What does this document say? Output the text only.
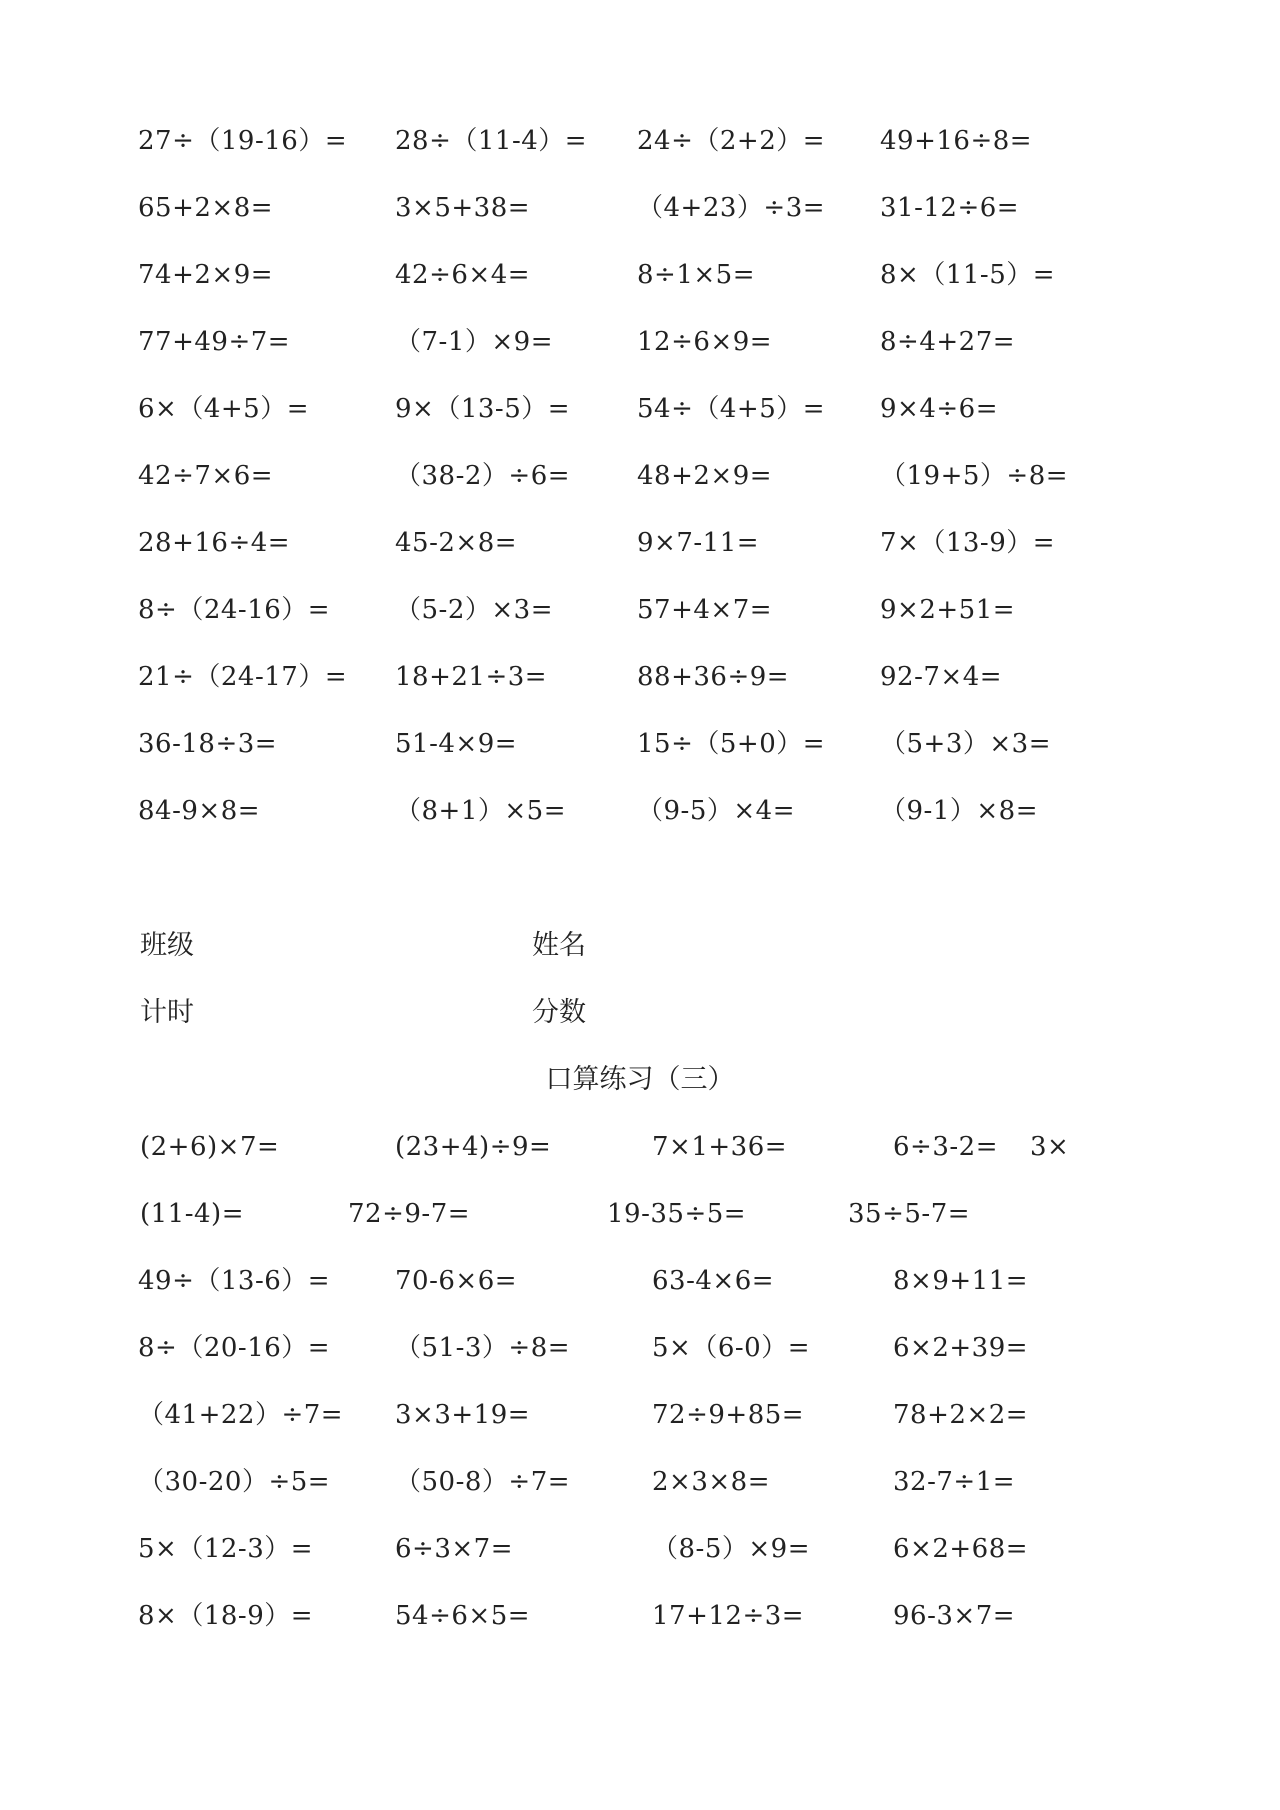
27÷（19-16）= 28÷（11-4）= 24÷（2+2）= 49+16÷8=
65+2×8=	3×5+38=	（4+23）÷3= 31-12÷6=
74+2×9=	42÷6×4=	8÷1×5=	8×（11-5）=
77+49÷7=	（7-1）×9=	12÷6×9=	8÷4+27=
6×（4+5）=	9×（13-5）=	54÷（4+5）= 9×4÷6=
42÷7×6=	（38-2）÷6=	48+2×9=	（19+5）÷8=
28+16÷4=	45-2×8=	9×7-11=	7×（13-9）=
8÷（24-16）= （5-2）×3=	57+4×7=	9×2+51=
21÷（24-17）= 18+21÷3=	88+36÷9=	92-7×4=
36-18÷3=	51-4×9=	15÷（5+0）= （5+3）×3=
84-9×8=	（8+1）×5=	（9-5）×4=	（9-1）×8=
班级	姓名
计时	分数
口算练习（三）
(2+6)×7=	(23+4)÷9=	7×1+36=	6÷3-2= 3×
(11-4)=	72÷9-7=	19-35÷5=	35÷5-7=
49÷（13-6）= 70-6×6=	63-4×6=	8×9+11=
8÷（20-16）= （51-3）÷8=	5×（6-0）=	6×2+39=
（41+22）÷7= 3×3+19=	72÷9+85=	78+2×2=
（30-20）÷5= （50-8）÷7=	2×3×8=	32-7÷1=
5×（12-3）=	6÷3×7=	（8-5）×9=	6×2+68=
8×（18-9）=	54÷6×5=	17+12÷3=	96-3×7=
